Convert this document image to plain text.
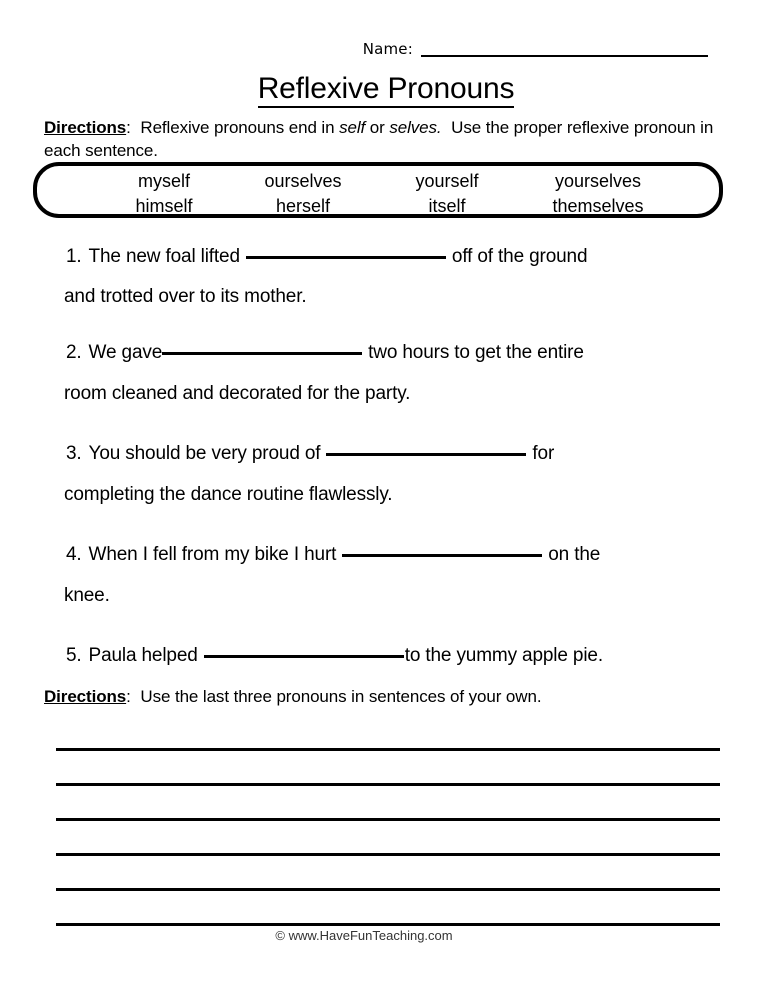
Name:
Reflexive Pronouns
Directions: Reflexive pronouns end in self or selves. Use the proper reflexive pronoun in each sentence.
myself	ourselves	yourself	yourselves
himself	herself	itself	themselves
1. The new foal lifted	off of the ground
and trotted over to its mother.
2. We gave	two hours to get the entire
room cleaned and decorated for the party.
3. You should be very proud of	for
completing the dance routine flawlessly.
4. When I fell from my bike I hurt	on the
knee.
5. Paula helped	to the yummy apple pie.
Directions: Use the last three pronouns in sentences of your own.
© www.HaveFunTeaching.com
